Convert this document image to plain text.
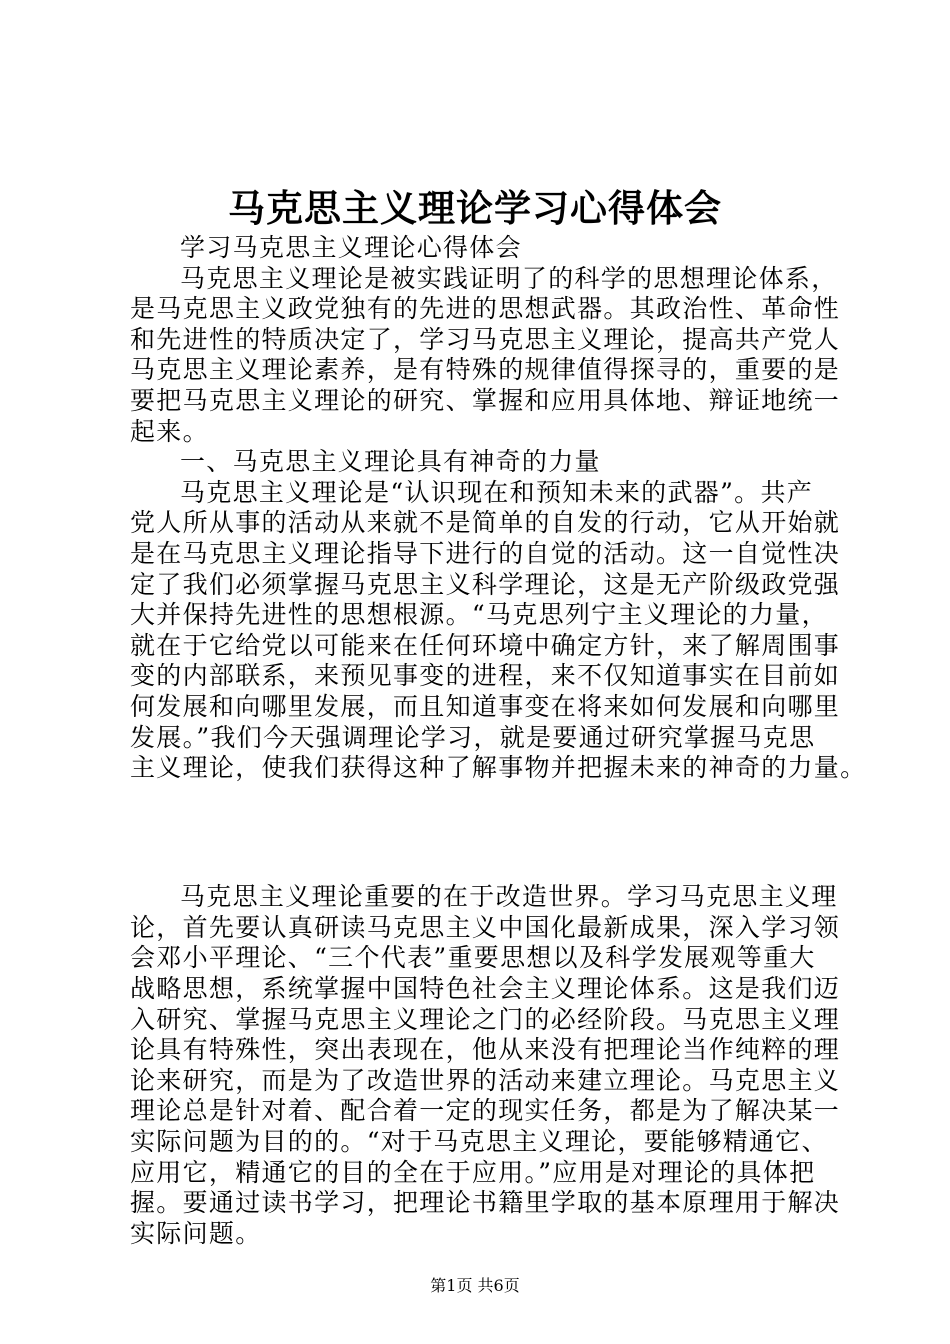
马克思主义理论学习心得体会
学习马克思主义理论心得体会
马克思主义理论是被实践证明了的科学的思想理论体系，
是马克思主义政党独有的先进的思想武器。其政治性、革命性
和先进性的特质决定了，学习马克思主义理论，提高共产党人
马克思主义理论素养，是有特殊的规律值得探寻的，重要的是
要把马克思主义理论的研究、掌握和应用具体地、辩证地统一
起来。
一、马克思主义理论具有神奇的力量
马克思主义理论是“认识现在和预知未来的武器”。共产
党人所从事的活动从来就不是简单的自发的行动，它从开始就
是在马克思主义理论指导下进行的自觉的活动。这一自觉性决
定了我们必须掌握马克思主义科学理论，这是无产阶级政党强
大并保持先进性的思想根源。“马克思列宁主义理论的力量，
就在于它给党以可能来在任何环境中确定方针，来了解周围事
变的内部联系，来预见事变的进程，来不仅知道事实在目前如
何发展和向哪里发展，而且知道事变在将来如何发展和向哪里
发展。”我们今天强调理论学习，就是要通过研究掌握马克思
主义理论，使我们获得这种了解事物并把握未来的神奇的力量。
马克思主义理论重要的在于改造世界。学习马克思主义理
论，首先要认真研读马克思主义中国化最新成果，深入学习领
会邓小平理论、“三个代表”重要思想以及科学发展观等重大
战略思想，系统掌握中国特色社会主义理论体系。这是我们迈
入研究、掌握马克思主义理论之门的必经阶段。马克思主义理
论具有特殊性，突出表现在，他从来没有把理论当作纯粹的理
论来研究，而是为了改造世界的活动来建立理论。马克思主义
理论总是针对着、配合着一定的现实任务，都是为了解决某一
实际问题为目的的。“对于马克思主义理论，要能够精通它、
应用它，精通它的目的全在于应用。”应用是对理论的具体把
握。要通过读书学习，把理论书籍里学取的基本原理用于解决
实际问题。
第1页 共6页
